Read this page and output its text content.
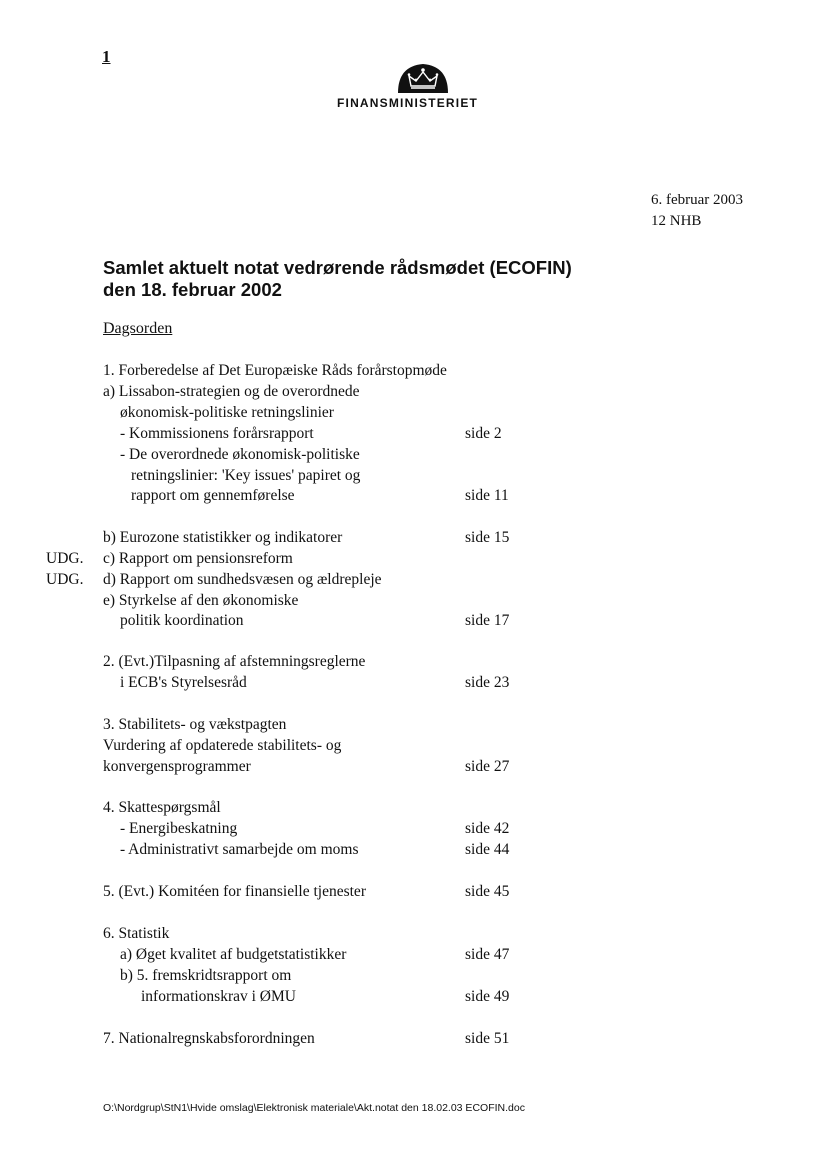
1
FINANSMINISTERIET
6. februar 2003
12 NHB
Samlet aktuelt notat vedrørende rådsmødet (ECOFIN)
den 18. februar 2002
Dagsorden
1. Forberedelse af Det Europæiske Råds forårstopmøde
a) Lissabon-strategien og de overordnede
økonomisk-politiske retningslinier
- Kommissionens forårsrapport
- De overordnede økonomisk-politiske
retningslinier: 'Key issues' papiret og
rapport om gennemførelse
b) Eurozone statistikker og indikatorer
c) Rapport om pensionsreform
d) Rapport om sundhedsvæsen og ældrepleje
e) Styrkelse af den økonomiske
politik koordination
2. (Evt.)Tilpasning af afstemningsreglerne
i ECB's Styrelsesråd
3. Stabilitets- og vækstpagten
Vurdering af opdaterede stabilitets- og
konvergensprogrammer
4. Skattespørgsmål
- Energibeskatning
- Administrativt samarbejde om moms
5. (Evt.) Komitéen for finansielle tjenester
6. Statistik
a) Øget kvalitet af budgetstatistikker
b) 5. fremskridtsrapport om
informationskrav i ØMU
7. Nationalregnskabsforordningen
side 2
side 11
side 15
side 17
side 23
side 27
side 42
side 44
side 45
side 47
side 49
side 51
UDG.
UDG.
O:\Nordgrup\StN1\Hvide omslag\Elektronisk materiale\Akt.notat den 18.02.03 ECOFIN.doc
